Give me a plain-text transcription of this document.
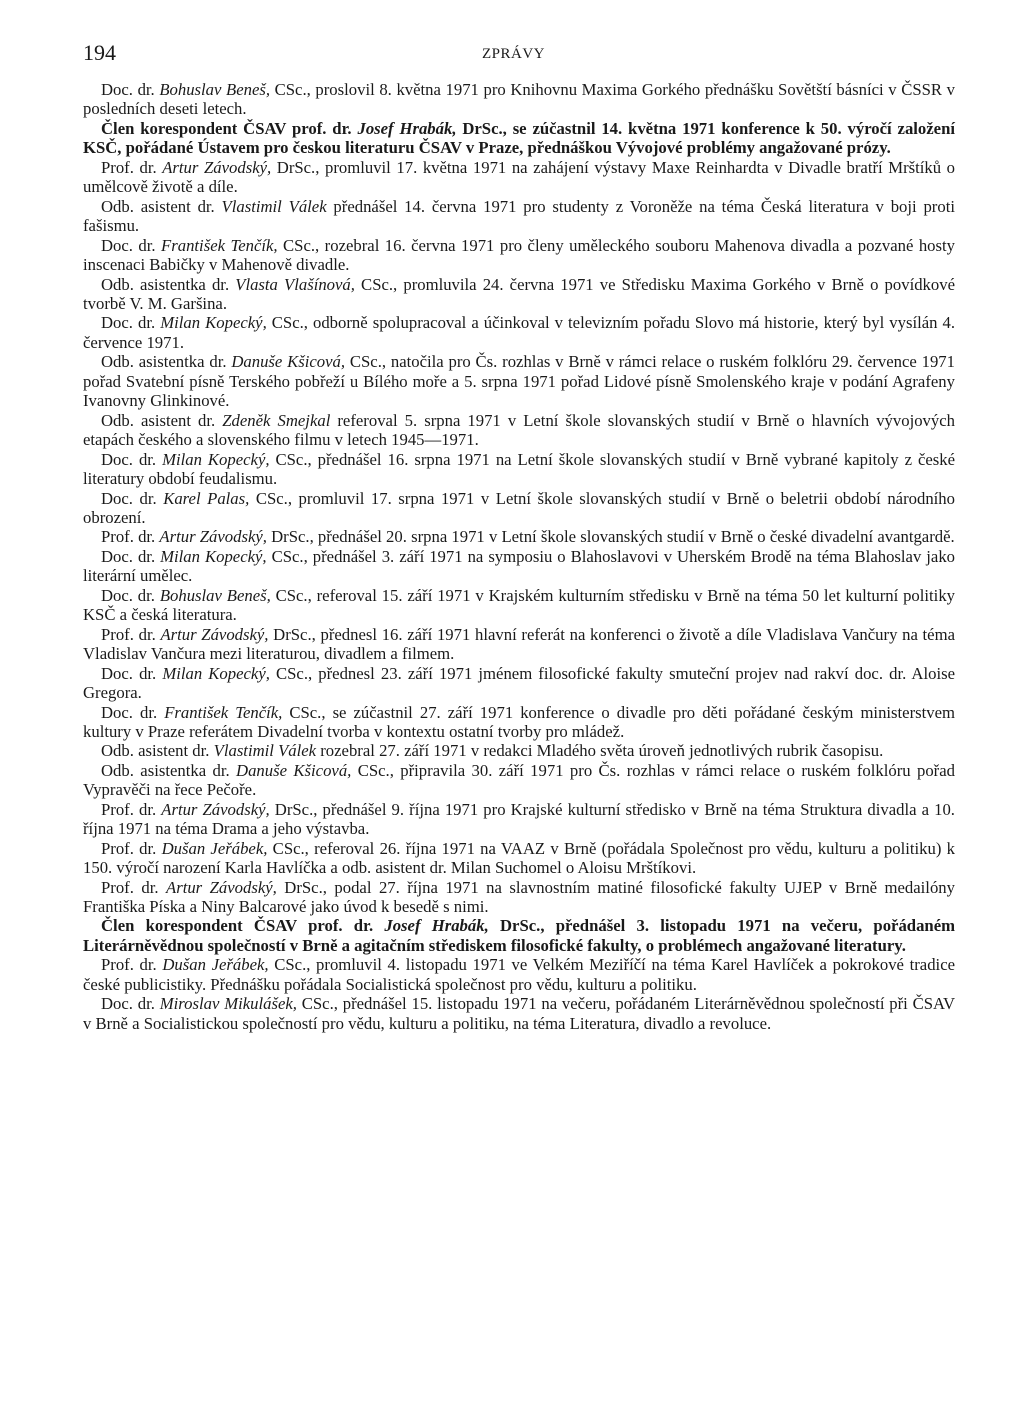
194	ZPRÁVY

Doc. dr. Bohuslav Beneš, CSc., proslovil 8. května 1971 pro Knihovnu Maxima Gorkého přednášku Sovětští básníci v ČSSR v posledních deseti letech.

Člen korespondent ČSAV prof. dr. Josef Hrabák, DrSc., se zúčastnil 14. května 1971 konference k 50. výročí založení KSČ, pořádané Ústavem pro českou literaturu ČSAV v Praze, přednáškou Vývojové problémy angažované prózy.

Prof. dr. Artur Závodský, DrSc., promluvil 17. května 1971 na zahájení výstavy Maxe Reinhardta v Divadle bratří Mrštíků o umělcově životě a díle.

Odb. asistent dr. Vlastimil Válek přednášel 14. června 1971 pro studenty z Voroněže na téma Česká literatura v boji proti fašismu.

Doc. dr. František Tenčík, CSc., rozebral 16. června 1971 pro členy uměleckého souboru Mahenova divadla a pozvané hosty inscenaci Babičky v Mahenově divadle.

Odb. asistentka dr. Vlasta Vlašínová, CSc., promluvila 24. června 1971 ve Středisku Maxima Gorkého v Brně o povídkové tvorbě V. M. Garšina.

Doc. dr. Milan Kopecký, CSc., odborně spolupracoval a účinkoval v televizním pořadu Slovo má historie, který byl vysílán 4. července 1971.

Odb. asistentka dr. Danuše Kšicová, CSc., natočila pro Čs. rozhlas v Brně v rámci relace o ruském folklóru 29. července 1971 pořad Svatební písně Terského pobřeží u Bílého moře a 5. srpna 1971 pořad Lidové písně Smolenského kraje v podání Agrafeny Ivanovny Glinkinové.

Odb. asistent dr. Zdeněk Smejkal referoval 5. srpna 1971 v Letní škole slovanských studií v Brně o hlavních vývojových etapách českého a slovenského filmu v letech 1945—1971.

Doc. dr. Milan Kopecký, CSc., přednášel 16. srpna 1971 na Letní škole slovanských studií v Brně vybrané kapitoly z české literatury období feudalismu.

Doc. dr. Karel Palas, CSc., promluvil 17. srpna 1971 v Letní škole slovanských studií v Brně o beletrii období národního obrození.

Prof. dr. Artur Závodský, DrSc., přednášel 20. srpna 1971 v Letní škole slovanských studií v Brně o české divadelní avantgardě.

Doc. dr. Milan Kopecký, CSc., přednášel 3. září 1971 na symposiu o Blahoslavovi v Uherském Brodě na téma Blahoslav jako literární umělec.

Doc. dr. Bohuslav Beneš, CSc., referoval 15. září 1971 v Krajském kulturním středisku v Brně na téma 50 let kulturní politiky KSČ a česká literatura.

Prof. dr. Artur Závodský, DrSc., přednesl 16. září 1971 hlavní referát na konferenci o životě a díle Vladislava Vančury na téma Vladislav Vančura mezi literaturou, divadlem a filmem.

Doc. dr. Milan Kopecký, CSc., přednesl 23. září 1971 jménem filosofické fakulty smuteční projev nad rakví doc. dr. Aloise Gregora.

Doc. dr. František Tenčík, CSc., se zúčastnil 27. září 1971 konference o divadle pro děti pořádané českým ministerstvem kultury v Praze referátem Divadelní tvorba v kontextu ostatní tvorby pro mládež.

Odb. asistent dr. Vlastimil Válek rozebral 27. září 1971 v redakci Mladého světa úroveň jednotlivých rubrik časopisu.

Odb. asistentka dr. Danuše Kšicová, CSc., připravila 30. září 1971 pro Čs. rozhlas v rámci relace o ruském folklóru pořad Vypravěči na řece Pečoře.

Prof. dr. Artur Závodský, DrSc., přednášel 9. října 1971 pro Krajské kulturní středisko v Brně na téma Struktura divadla a 10. října 1971 na téma Drama a jeho výstavba.

Prof. dr. Dušan Jeřábek, CSc., referoval 26. října 1971 na VAAZ v Brně (pořádala Společnost pro vědu, kulturu a politiku) k 150. výročí narození Karla Havlíčka a odb. asistent dr. Milan Suchomel o Aloisu Mrštíkovi.

Prof. dr. Artur Závodský, DrSc., podal 27. října 1971 na slavnostním matiné filosofické fakulty UJEP v Brně medailóny Františka Píska a Niny Balcarové jako úvod k besedě s nimi.

Člen korespondent ČSAV prof. dr. Josef Hrabák, DrSc., přednášel 3. listopadu 1971 na večeru, pořádaném Literárněvědnou společností v Brně a agitačním střediskem filosofické fakulty, o problémech angažované literatury.

Prof. dr. Dušan Jeřábek, CSc., promluvil 4. listopadu 1971 ve Velkém Meziříčí na téma Karel Havlíček a pokrokové tradice české publicistiky. Přednášku pořádala Socialistická společnost pro vědu, kulturu a politiku.

Doc. dr. Miroslav Mikulášek, CSc., přednášel 15. listopadu 1971 na večeru, pořádaném Literárněvědnou společností při ČSAV v Brně a Socialistickou společností pro vědu, kulturu a politiku, na téma Literatura, divadlo a revoluce.
